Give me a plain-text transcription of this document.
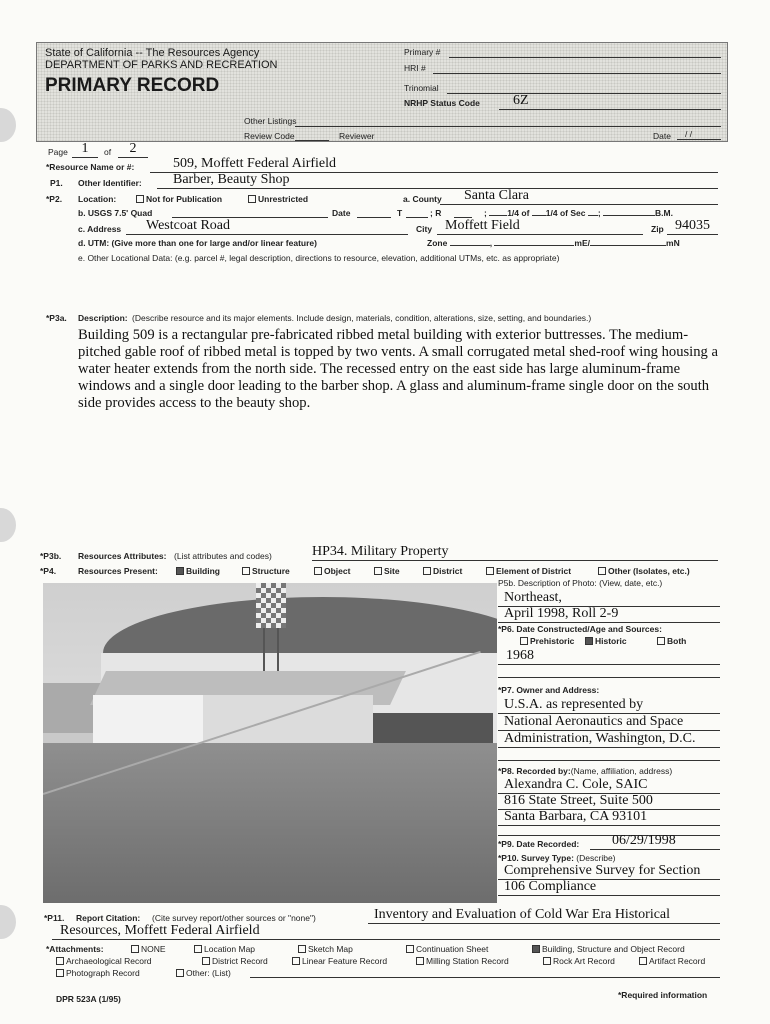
State of California -- The Resources Agency
DEPARTMENT OF PARKS AND RECREATION
PRIMARY RECORD
Primary #
HRI #
Trinomial
NRHP Status Code	6Z
Other Listings
Review Code	Reviewer	Date	/ /
Page 1	of	2
*Resource Name or #:	509, Moffett Federal Airfield
P1. Other Identifier:	Barber, Beauty Shop
*P2. Location:	Not for Publication	Unrestricted	a. County	Santa Clara
b. USGS 7.5' Quad	Date	T	; R	; 1/4 of 1/4 of Sec ;	B.M.
c. Address	Westcoat Road	City Moffett Field	Zip 94035
d. UTM: (Give more than one for large and/or linear feature)	Zone	,	mE/	mN
e. Other Locational Data: (e.g. parcel #, legal description, directions to resource, elevation, additional UTMs, etc. as appropriate)
*P3a. Description: (Describe resource and its major elements. Include design, materials, condition, alterations, size, setting, and boundaries.)
Building 509 is a rectangular pre-fabricated ribbed metal building with exterior buttresses. The medium-pitched gable roof of ribbed metal is topped by two vents. A small corrugated metal shed-roof wing housing a water heater extends from the north side. The recessed entry on the east side has large aluminum-frame windows and a single door leading to the barber shop. A glass and aluminum-frame single door on the south side provides access to the beauty shop.
*P3b. Resources Attributes: (List attributes and codes)	HP34. Military Property
*P4.	Resources Present:	Building	Structure	Object	Site	District	Element of District	Other (Isolates, etc.)
P5b. Description of Photo: (View, date, etc.)
Northeast,
April 1998, Roll 2-9
*P6. Date Constructed/Age and Sources:
Prehistoric	Historic	Both
1968
*P7. Owner and Address:
U.S.A. as represented by
National Aeronautics and Space
Administration, Washington, D.C.
*P8. Recorded by:(Name, affiliation, address)
Alexandra C. Cole, SAIC
816 State Street, Suite 500
Santa Barbara, CA 93101
*P9. Date Recorded:	06/29/1998
*P10. Survey Type: (Describe)
Comprehensive Survey for Section
106 Compliance
*P11. Report Citation: (Cite survey report/other sources or "none")	Inventory and Evaluation of Cold War Era Historical
Resources, Moffett Federal Airfield
*Attachments:	NONE	Location Map	Sketch Map	Continuation Sheet	Building, Structure and Object Record
Archaeological Record	District Record	Linear Feature Record	Milling Station Record	Rock Art Record	Artifact Record
Photograph Record	Other: (List)
DPR 523A (1/95)	*Required information
